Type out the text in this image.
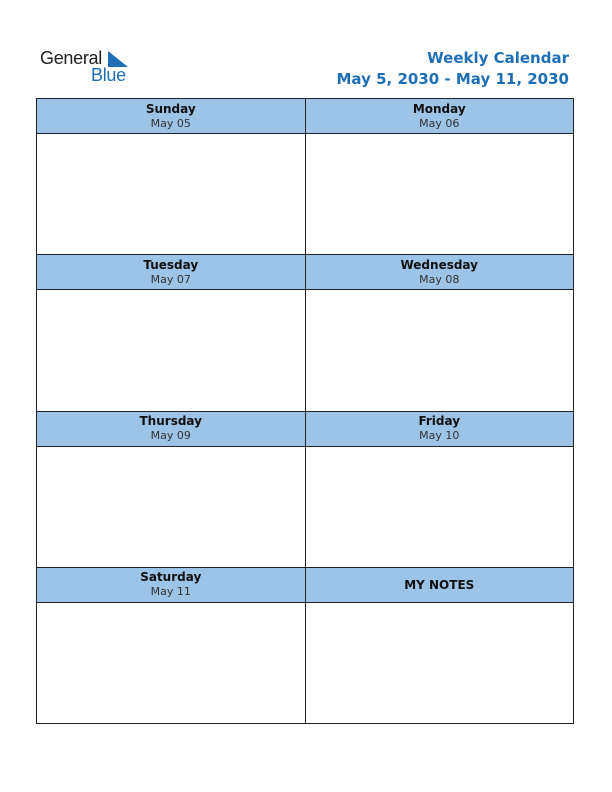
General
Blue
Weekly Calendar
May 5, 2030 - May 11, 2030
Sunday
May 05
Monday
May 06
Tuesday
May 07
Wednesday
May 08
Thursday
May 09
Friday
May 10
Saturday
May 11	MY NOTES
